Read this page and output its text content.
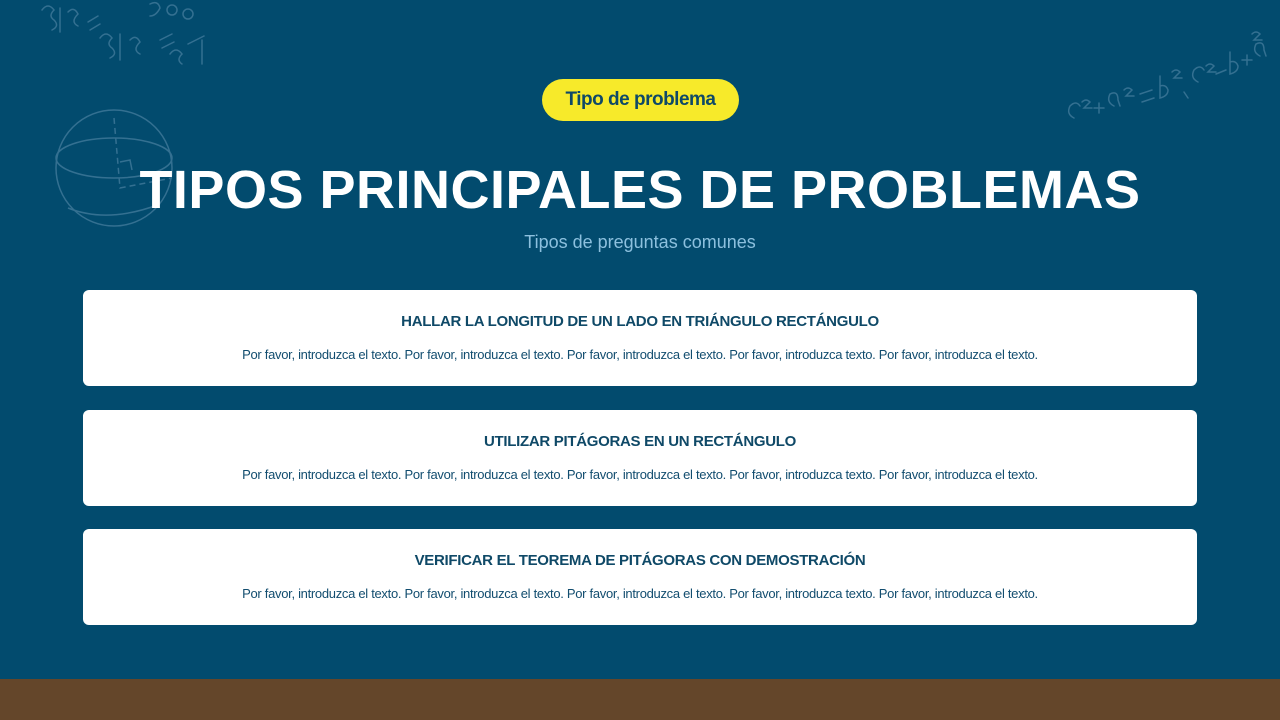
Tipo de problema
TIPOS PRINCIPALES DE PROBLEMAS
Tipos de preguntas comunes
HALLAR LA LONGITUD DE UN LADO EN TRIÁNGULO RECTÁNGULO
Por favor, introduzca el texto. Por favor, introduzca el texto. Por favor, introduzca el texto. Por favor, introduzca texto. Por favor, introduzca el texto.
UTILIZAR PITÁGORAS EN UN RECTÁNGULO
Por favor, introduzca el texto. Por favor, introduzca el texto. Por favor, introduzca el texto. Por favor, introduzca texto. Por favor, introduzca el texto.
VERIFICAR EL TEOREMA DE PITÁGORAS CON DEMOSTRACIÓN
Por favor, introduzca el texto. Por favor, introduzca el texto. Por favor, introduzca el texto. Por favor, introduzca texto. Por favor, introduzca el texto.
